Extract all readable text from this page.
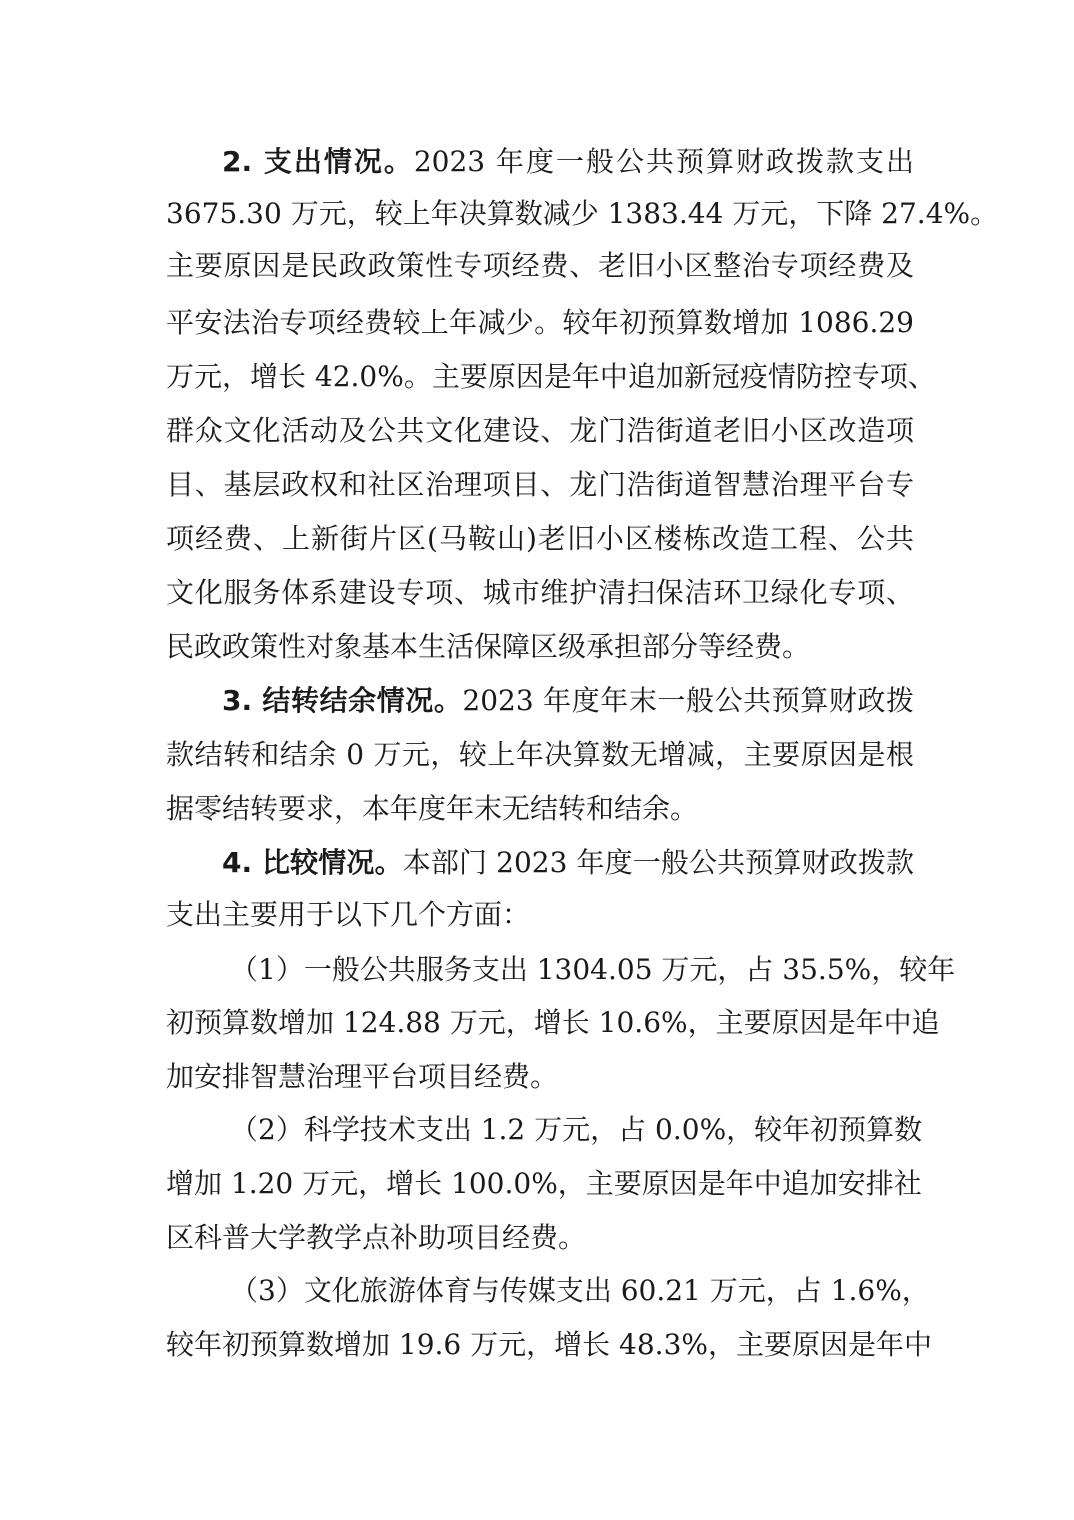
2. 支出情况。2023 年度一般公共预算财政拨款支出
3675.30 万元，较上年决算数减少 1383.44 万元，下降 27.4%。
主要原因是民政政策性专项经费、老旧小区整治专项经费及
平安法治专项经费较上年减少。较年初预算数增加 1086.29
万元，增长 42.0%。主要原因是年中追加新冠疫情防控专项、
群众文化活动及公共文化建设、龙门浩街道老旧小区改造项
目、基层政权和社区治理项目、龙门浩街道智慧治理平台专
项经费、上新街片区(马鞍山)老旧小区楼栋改造工程、公共
文化服务体系建设专项、城市维护清扫保洁环卫绿化专项、
民政政策性对象基本生活保障区级承担部分等经费。
3. 结转结余情况。2023 年度年末一般公共预算财政拨
款结转和结余 0 万元，较上年决算数无增减，主要原因是根
据零结转要求，本年度年末无结转和结余。
4. 比较情况。本部门 2023 年度一般公共预算财政拨款
支出主要用于以下几个方面：
（1）一般公共服务支出 1304.05 万元，占 35.5%，较年
初预算数增加 124.88 万元，增长 10.6%，主要原因是年中追
加安排智慧治理平台项目经费。
（2）科学技术支出 1.2 万元，占 0.0%，较年初预算数
增加 1.20 万元，增长 100.0%，主要原因是年中追加安排社
区科普大学教学点补助项目经费。
（3）文化旅游体育与传媒支出 60.21 万元，占 1.6%，
较年初预算数增加 19.6 万元，增长 48.3%，主要原因是年中
